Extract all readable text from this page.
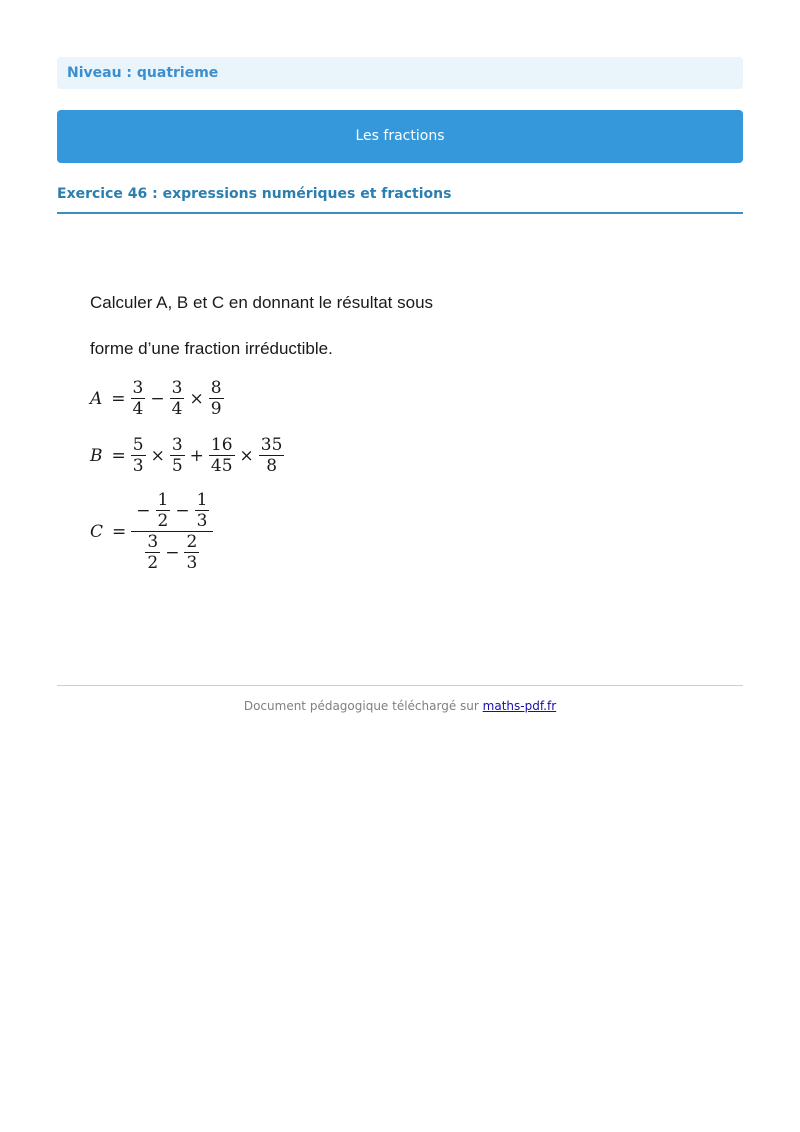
Niveau : quatrieme
Les fractions
Exercice 46 : expressions numériques et fractions
Calculer A, B et C en donnant le résultat sous
forme d’une fraction irréductible.
$A = \frac{3}{4} - \frac{3}{4} \times \frac{8}{9}$
$B = \frac{5}{3} \times \frac{3}{5} + \frac{16}{45} \times \frac{35}{8}$
C =
− $\frac{1}{2} - \frac{1}{3}$
$\frac{3}{2} - \frac{2}{3}$
Document pédagogique téléchargé sur maths-pdf.fr
